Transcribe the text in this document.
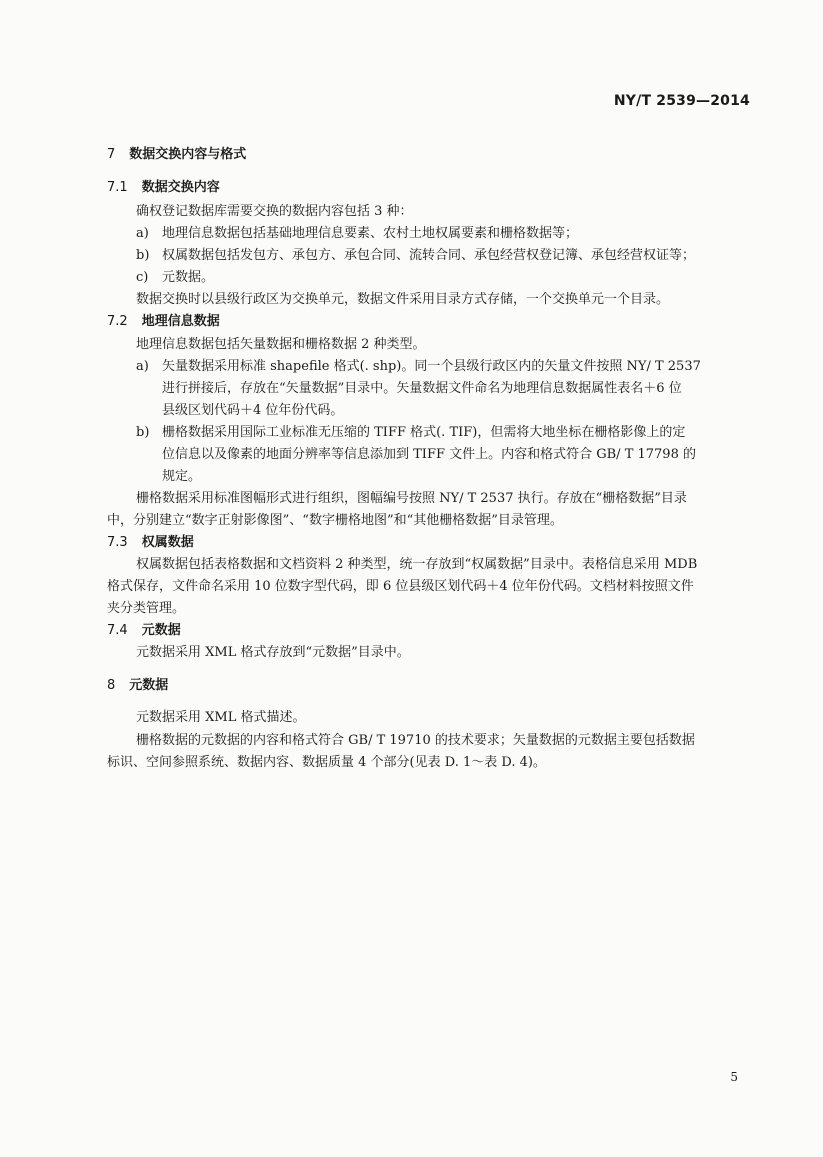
NY/T 2539—2014
7 数据交换内容与格式
7.1 数据交换内容
确权登记数据库需要交换的数据内容包括 3 种：
a) 地理信息数据包括基础地理信息要素、农村土地权属要素和栅格数据等；
b) 权属数据包括发包方、承包方、承包合同、流转合同、承包经营权登记簿、承包经营权证等；
c) 元数据。
数据交换时以县级行政区为交换单元，数据文件采用目录方式存储，一个交换单元一个目录。
7.2 地理信息数据
地理信息数据包括矢量数据和栅格数据 2 种类型。
a) 矢量数据采用标准 shapefile 格式(. shp)。同一个县级行政区内的矢量文件按照 NY/ T 2537
进行拼接后，存放在“矢量数据”目录中。矢量数据文件命名为地理信息数据属性表名＋6 位
县级区划代码＋4 位年份代码。
b) 栅格数据采用国际工业标准无压缩的 TIFF 格式(. TIF)，但需将大地坐标在栅格影像上的定
位信息以及像素的地面分辨率等信息添加到 TIFF 文件上。内容和格式符合 GB/ T 17798 的
规定。
栅格数据采用标准图幅形式进行组织，图幅编号按照 NY/ T 2537 执行。存放在“栅格数据”目录
中，分别建立“数字正射影像图”、“数字栅格地图”和“其他栅格数据”目录管理。
7.3 权属数据
权属数据包括表格数据和文档资料 2 种类型，统一存放到“权属数据”目录中。表格信息采用 MDB
格式保存，文件命名采用 10 位数字型代码，即 6 位县级区划代码＋4 位年份代码。文档材料按照文件
夹分类管理。
7.4 元数据
元数据采用 XML 格式存放到“元数据”目录中。
8 元数据
元数据采用 XML 格式描述。
栅格数据的元数据的内容和格式符合 GB/ T 19710 的技术要求；矢量数据的元数据主要包括数据
标识、空间参照系统、数据内容、数据质量 4 个部分(见表 D. 1～表 D. 4)。
5
